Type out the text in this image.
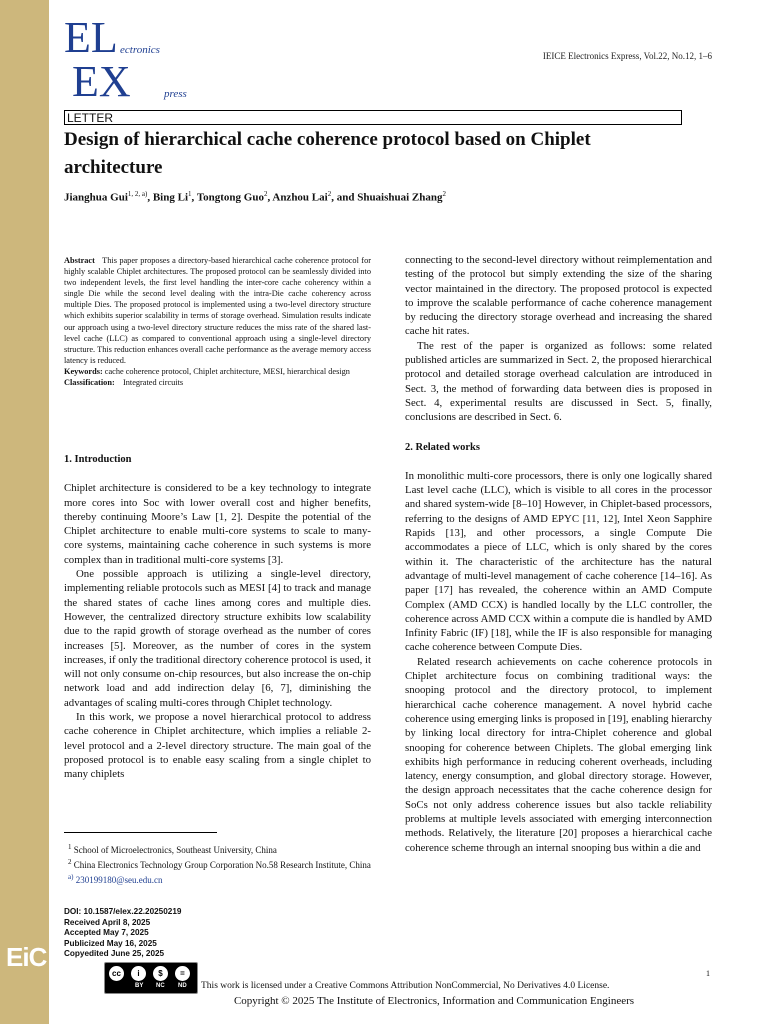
EiC
EL ectronics
EX	press
IEICE Electronics Express, Vol.22, No.12, 1–6
LETTER
Design of hierarchical cache coherence protocol based on Chiplet architecture
Jianghua Gui$^{1, 2, a)}$, Bing Li$^1$, Tongtong Guo$^2$, Anzhou Lai$^2$, and Shuaishuai Zhang$^2$

Abstract This paper proposes a directory-based hierarchical cache coherence protocol for highly scalable Chiplet architectures. The proposed protocol can be seamlessly divided into two independent levels, the first level handling the inter-core cache coherency within a single Die while the second level dealing with the intra-Die cache coherency across multiple Dies. The proposed protocol is implemented using a two-level directory structure which exhibits superior scalability in terms of storage overhead. Simulation results indicate our approach using a two-level directory structure reduces the miss rate of the shared last-level cache (LLC) as compared to conventional approach using a single-level directory structure. This reduction enhances overall cache performance as the average memory access latency is reduced.

Keywords: cache coherence protocol, Chiplet architecture, MESI, hierarchical design

Classification: Integrated circuits

1. Introduction

Chiplet architecture is considered to be a key technology to integrate more cores into Soc with lower overall cost and higher benefits, thereby continuing Moore’s Law [1, 2]. Despite the potential of the Chiplet architecture to enable multi-core systems to scale to many-core systems, maintaining cache coherence in such systems is more complex than in traditional multi-core systems [3].

One possible approach is utilizing a single-level directory, implementing reliable protocols such as MESI [4] to track and manage the shared states of cache lines among cores and multiple dies. However, the centralized directory structure exhibits low scalability due to the rapid growth of storage overhead as the number of cores increases [5]. Moreover, as the number of cores in the system increases, if only the traditional directory coherence protocol is used, it will not only consume on-chip resources, but also increase the on-chip network load and add indirection delay [6, 7], diminishing the advantages of scaling multi-cores through Chiplet technology.

In this work, we propose a novel hierarchical protocol to address cache coherence in Chiplet architecture, which implies a reliable 2-level protocol and a 2-level directory structure. The main goal of the proposed protocol is to enable easy scaling from a single chiplet to many chiplets

connecting to the second-level directory without reimplementation and testing of the protocol but simply extending the size of the sharing vector maintained in the directory. The proposed protocol is expected to improve the scalable performance of cache coherence management by reducing the directory storage overhead and increasing the shared cache hit rates.

The rest of the paper is organized as follows: some related published articles are summarized in Sect. 2, the proposed hierarchical protocol and detailed storage overhead calculation are introduced in Sect. 3, the method of forwarding data between dies is proposed in Sect. 4, experimental results are discussed in Sect. 5, finally, conclusions are described in Sect. 6.

2. Related works

In monolithic multi-core processors, there is only one logically shared Last level cache (LLC), which is visible to all cores in the processor and shared system-wide [8–10] However, in Chiplet-based processors, referring to the designs of AMD EPYC [11, 12], Intel Xeon Sapphire Rapids [13], and other processors, a single Compute Die accommodates a piece of LLC, which is only shared by the cores within it. The characteristic of the architecture has the natural advantage of multi-level management of cache coherence [14–16]. As paper [17] has revealed, the coherence within an AMD Compute Complex (AMD CCX) is handled locally by the LLC controller, the coherence across AMD CCX within a compute die is handled by AMD Infinity Fabric (IF) [18], while the IF is also responsible for managing cache coherence between Compute Dies.

Related research achievements on cache coherence protocols in Chiplet architecture focus on combining traditional ways: the snooping protocol and the directory protocol, to implement hierarchical cache coherence management. A novel hybrid cache coherence using emerging links is proposed in [19], enabling hierarchy by linking local directory for intra-Chiplet coherence and global snooping for coherence between Chiplets. The global emerging link exhibits high performance in reducing coherent overheads, including latency, energy consumption, and global directory storage. However, the design approach necessitates that the cache coherence design for SoCs not only address coherence issues but also tackle reliability problems at multiple levels associated with emerging interconnection methods. Relatively, the literature [20] proposes a hierarchical cache coherence scheme through an internal snooping bus within a die and

$^1$ School of Microelectronics, Southeast University, China

$^2$ China Electronics Technology Group Corporation No.58 Research Institute, China

$^{a)}$ 230199180@seu.edu.cn

DOI: 10.1587/elex.22.20250219
Received April 8, 2025
Accepted May 7, 2025
Publicized May 16, 2025
Copyedited June 25, 2025
cc	i	$	=
BY NC ND This work is licensed under a Creative Commons Attribution NonCommercial, No Derivatives 4.0 License.
1
Copyright © 2025 The Institute of Electronics, Information and Communication Engineers
